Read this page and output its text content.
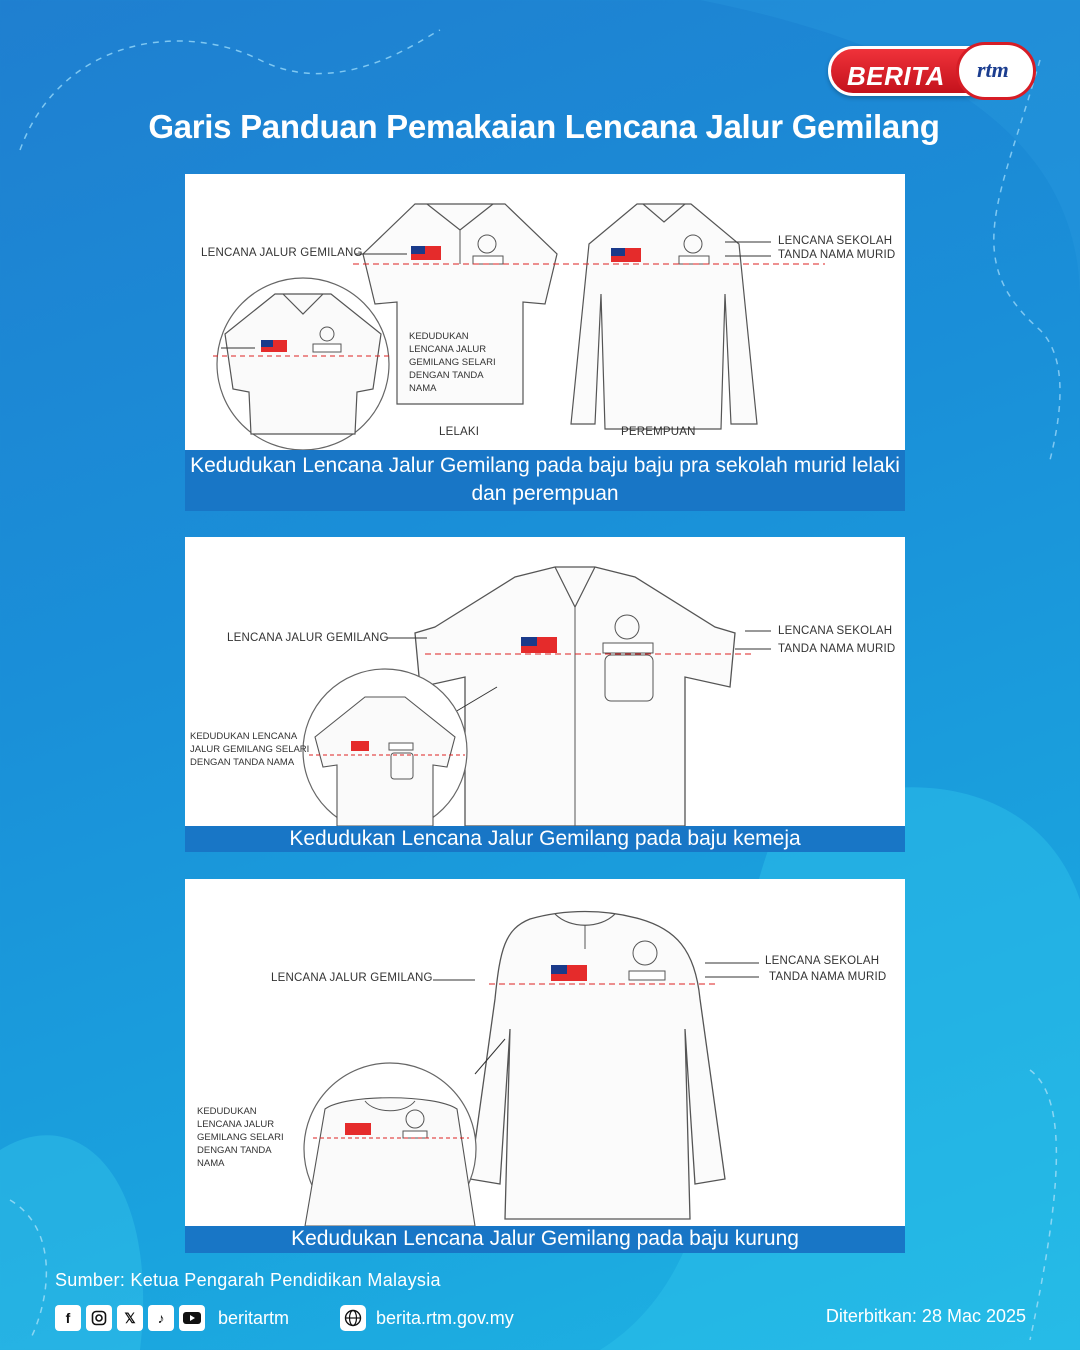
BERITA rtm
Garis Panduan Pemakaian Lencana Jalur Gemilang
LENCANA JALUR GEMILANG
LENCANA SEKOLAH
TANDA NAMA MURID
KEDUDUKAN
LENCANA JALUR
GEMILANG SELARI
DENGAN TANDA
NAMA
LELAKI	PEREMPUAN
Kedudukan Lencana Jalur Gemilang pada baju baju pra sekolah murid lelaki dan perempuan
LENCANA JALUR GEMILANG
LENCANA SEKOLAH
TANDA NAMA MURID
KEDUDUKAN LENCANA
JALUR GEMILANG SELARI
DENGAN TANDA NAMA
Kedudukan Lencana Jalur Gemilang pada baju kemeja
LENCANA JALUR GEMILANG
LENCANA SEKOLAH
TANDA NAMA MURID
KEDUDUKAN
LENCANA JALUR
GEMILANG SELARI
DENGAN TANDA
NAMA
Kedudukan Lencana Jalur Gemilang pada baju kurung
Sumber: Ketua Pengarah Pendidikan Malaysia
f	𝕏	♪	beritartm	berita.rtm.gov.my	Diterbitkan: 28 Mac 2025
